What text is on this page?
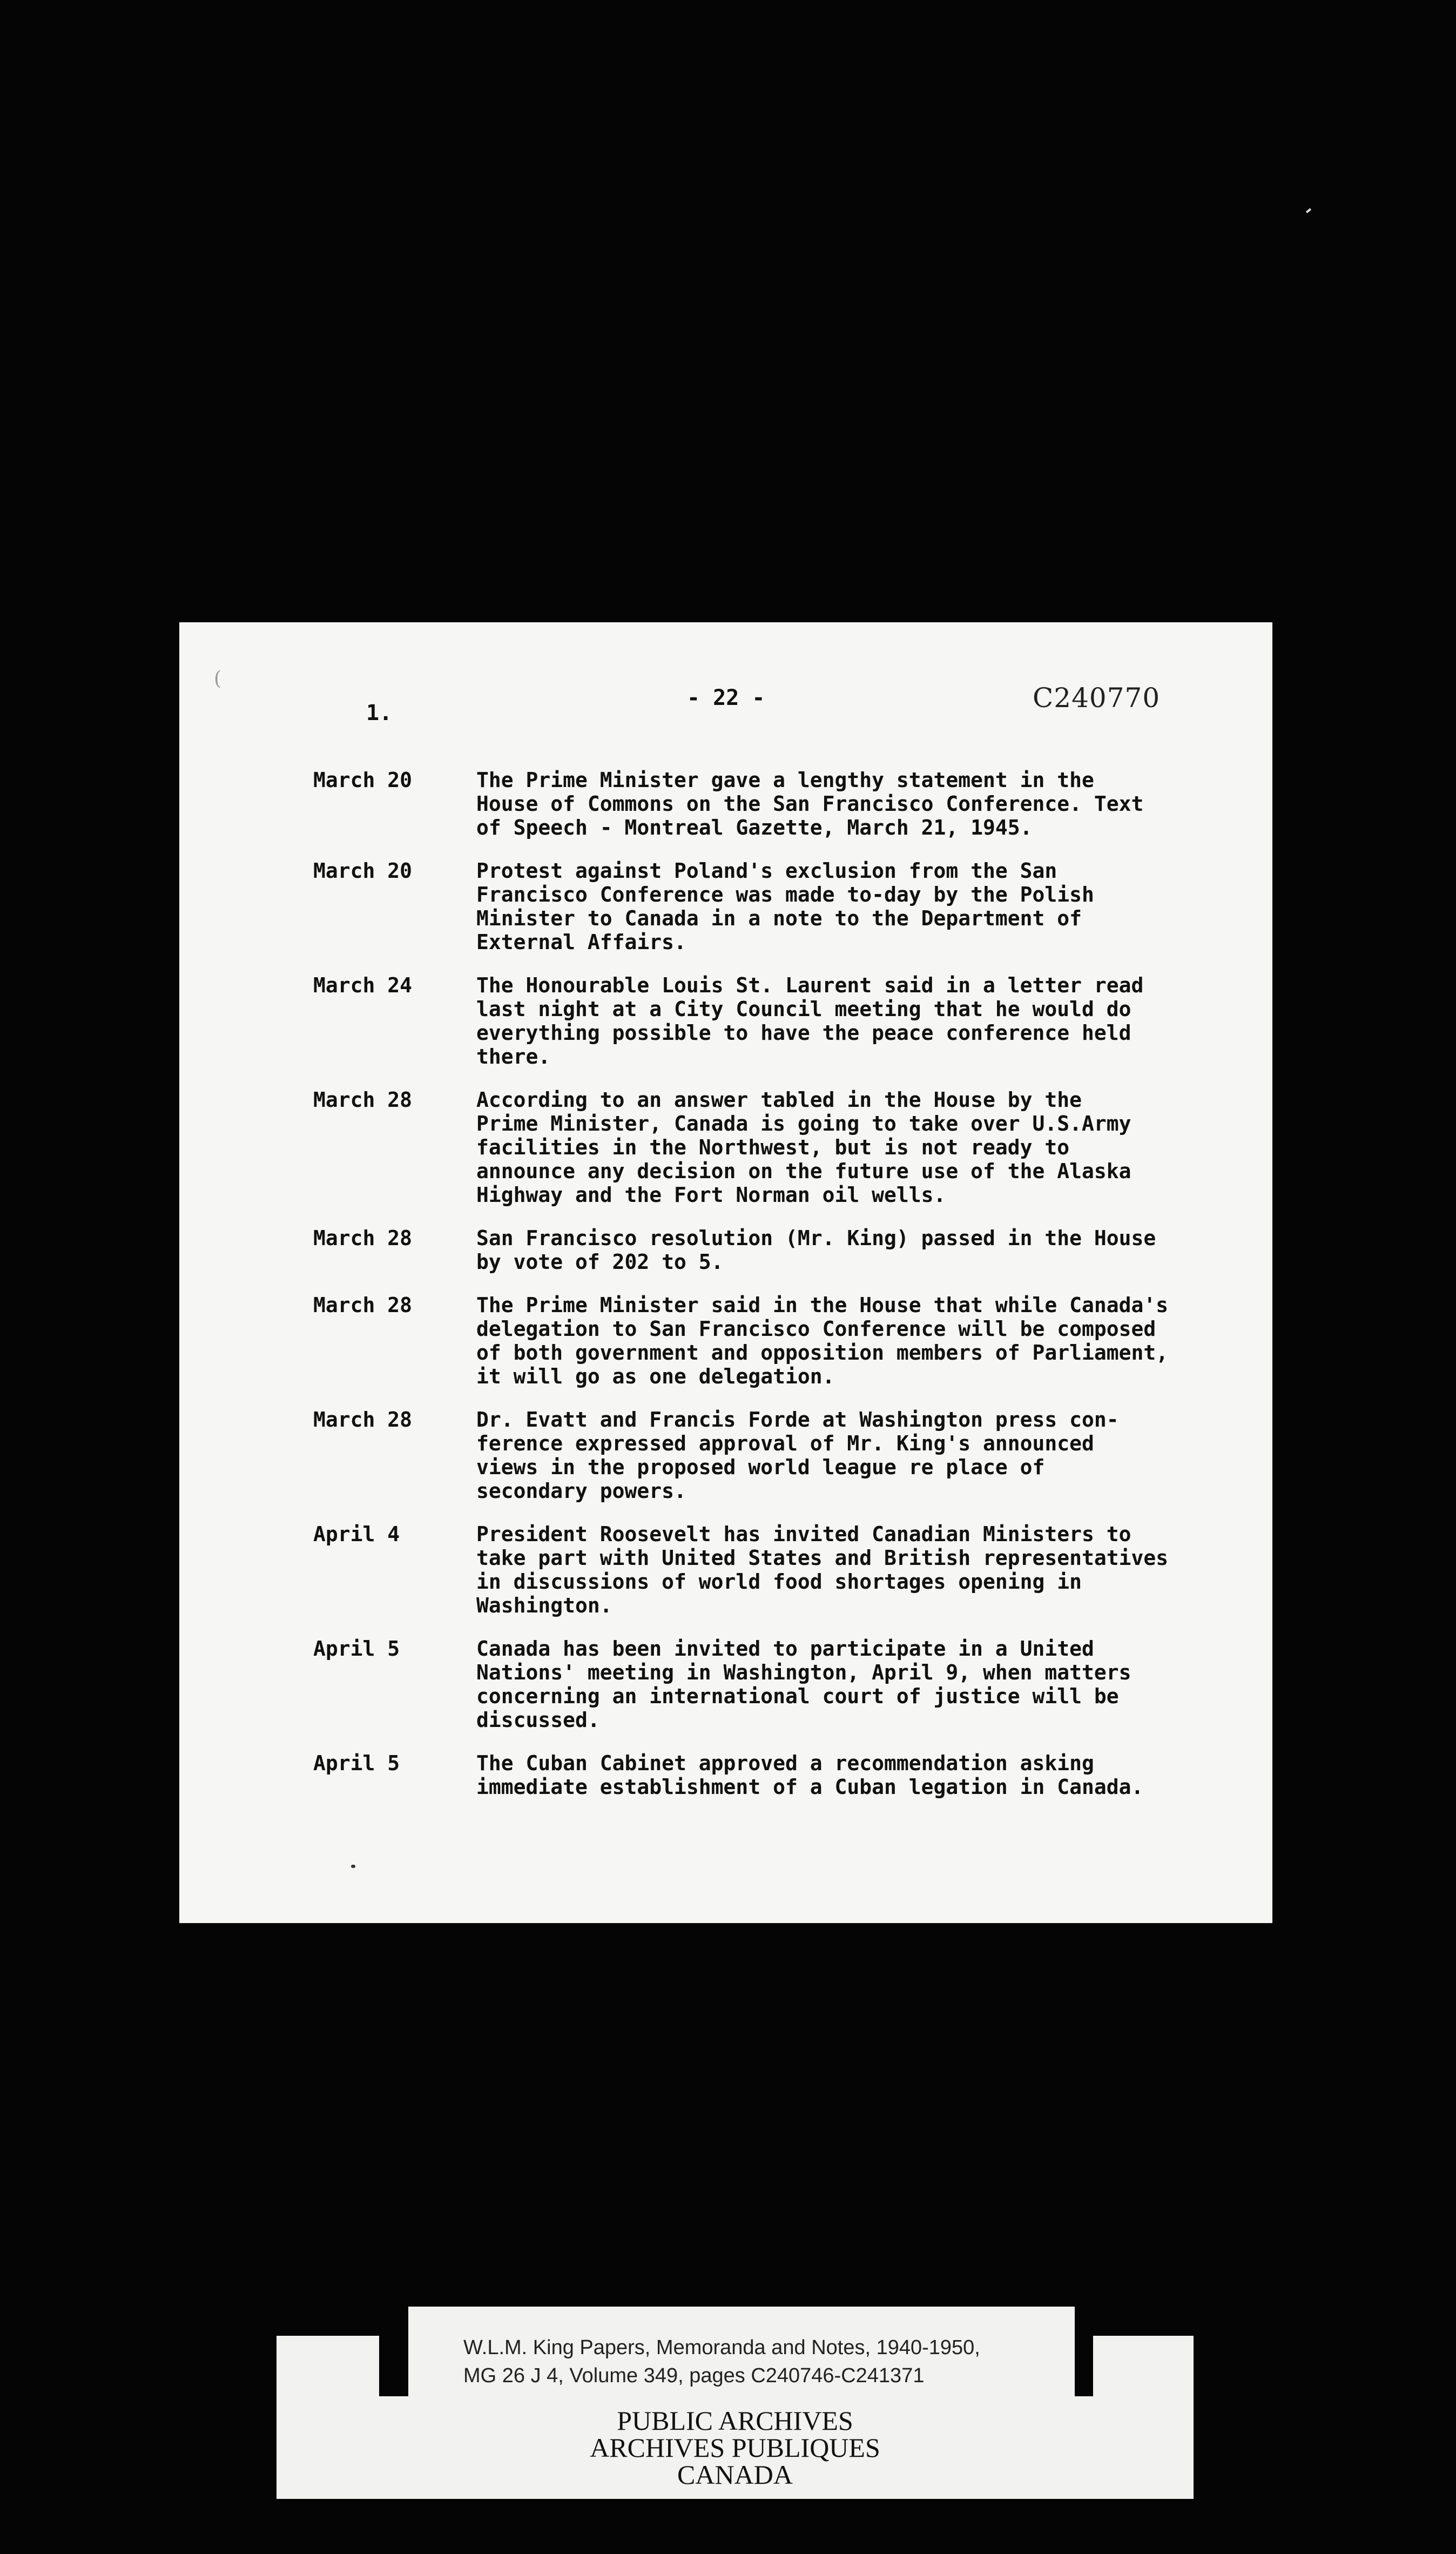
(
1.
- 22 -	C240770
March 20	The Prime Minister gave a lengthy statement in the
House of Commons on the San Francisco Conference. Text
of Speech - Montreal Gazette, March 21, 1945.
March 20	Protest against Poland's exclusion from the San
Francisco Conference was made to-day by the Polish
Minister to Canada in a note to the Department of
External Affairs.
March 24	The Honourable Louis St. Laurent said in a letter read
last night at a City Council meeting that he would do
everything possible to have the peace conference held
there.
March 28	According to an answer tabled in the House by the
Prime Minister, Canada is going to take over U.S.Army
facilities in the Northwest, but is not ready to
announce any decision on the future use of the Alaska
Highway and the Fort Norman oil wells.
March 28	San Francisco resolution (Mr. King) passed in the House
by vote of 202 to 5.
March 28	The Prime Minister said in the House that while Canada's
delegation to San Francisco Conference will be composed
of both government and opposition members of Parliament,
it will go as one delegation.
March 28	Dr. Evatt and Francis Forde at Washington press con-
ference expressed approval of Mr. King's announced
views in the proposed world league re place of
secondary powers.
April 4	President Roosevelt has invited Canadian Ministers to
take part with United States and British representatives
in discussions of world food shortages opening in
Washington.
April 5	Canada has been invited to participate in a United
Nations' meeting in Washington, April 9, when matters
concerning an international court of justice will be
discussed.
April 5	The Cuban Cabinet approved a recommendation asking
immediate establishment of a Cuban legation in Canada.
W.L.M. King Papers, Memoranda and Notes, 1940-1950,
MG 26 J 4, Volume 349, pages C240746-C241371
PUBLIC ARCHIVES
ARCHIVES PUBLIQUES
CANADA
